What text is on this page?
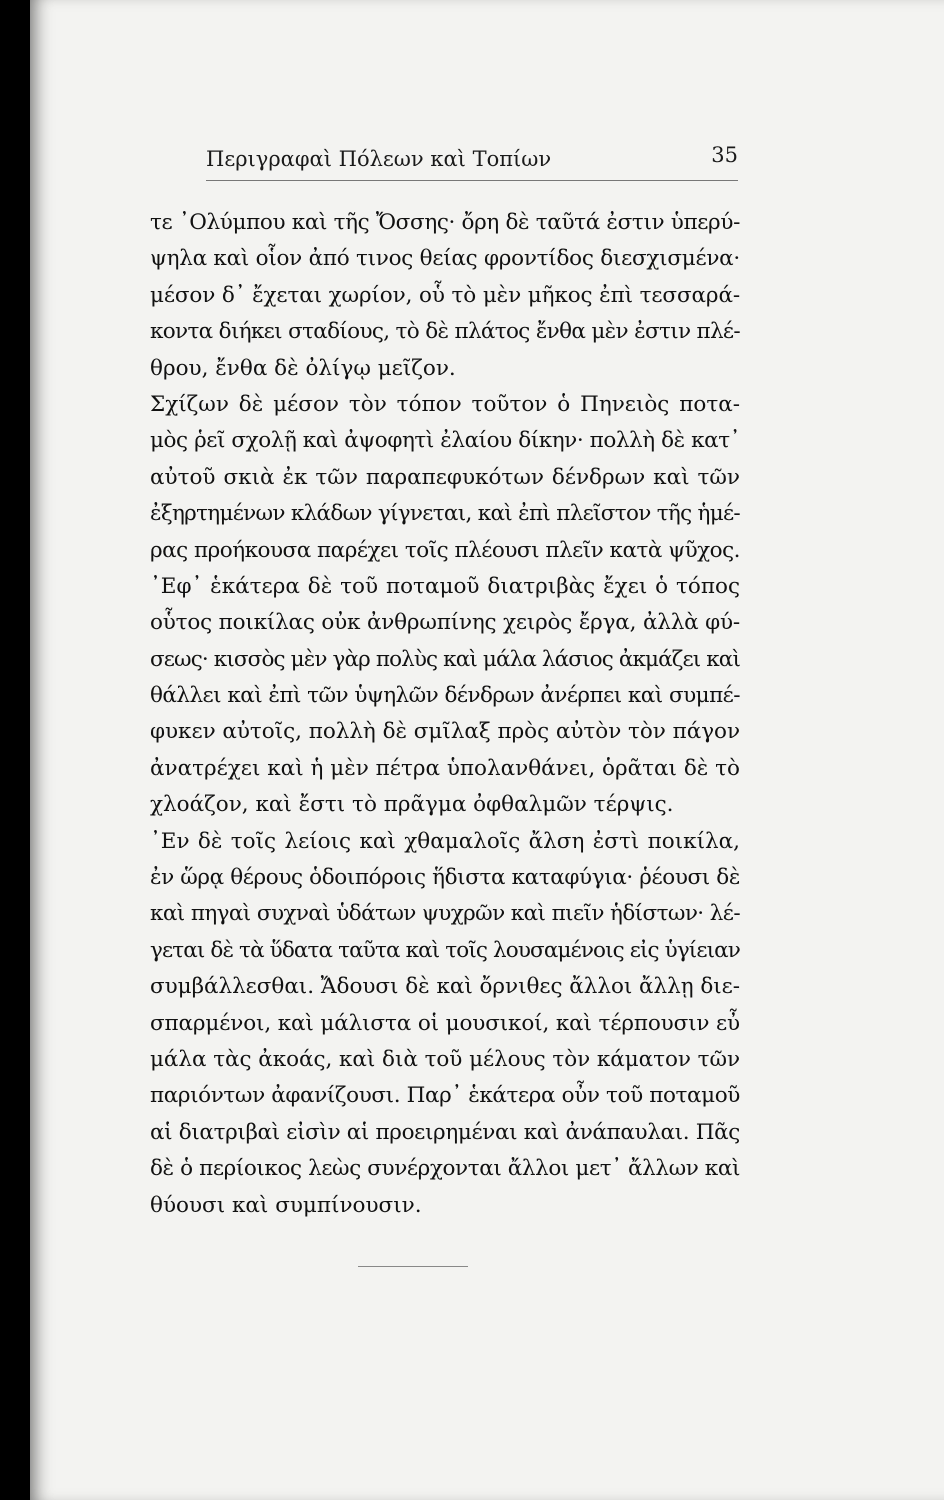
Περιγραφαὶ Πόλεων καὶ Τοπίων	35
τε ᾿Ολύμπου καὶ τῆς Ὄσσης· ὄρη δὲ ταῦτά ἐστιν ὑπερύ-
ψηλα καὶ οἷον ἀπό τινος θείας φροντίδος διεσχισμένα·
μέσον δ᾿ ἔχεται χωρίον, οὗ τὸ μὲν μῆκος ἐπὶ τεσσαρά-
κοντα διήκει σταδίους, τὸ δὲ πλάτος ἔνθα μὲν ἐστιν πλέ-
θρου, ἔνθα δὲ ὀλίγῳ μεῖζον.
Σχίζων δὲ μέσον τὸν τόπον τοῦτον ὁ Πηνειὸς ποτα-
μὸς ῥεῖ σχολῇ καὶ ἀψοφητὶ ἐλαίου δίκην· πολλὴ δὲ κατ᾿
αὐτοῦ σκιὰ ἐκ τῶν παραπεφυκότων δένδρων καὶ τῶν
ἐξηρτημένων κλάδων γίγνεται, καὶ ἐπὶ πλεῖστον τῆς ἡμέ-
ρας προήκουσα παρέχει τοῖς πλέουσι πλεῖν κατὰ ψῦχος.
᾿Εφ᾿ ἑκάτερα δὲ τοῦ ποταμοῦ διατριβὰς ἔχει ὁ τόπος
οὗτος ποικίλας οὐκ ἀνθρωπίνης χειρὸς ἔργα, ἀλλὰ φύ-
σεως· κισσὸς μὲν γὰρ πολὺς καὶ μάλα λάσιος ἀκμάζει καὶ
θάλλει καὶ ἐπὶ τῶν ὑψηλῶν δένδρων ἀνέρπει καὶ συμπέ-
φυκεν αὐτοῖς, πολλὴ δὲ σμῖλαξ πρὸς αὐτὸν τὸν πάγον
ἀνατρέχει καὶ ἡ μὲν πέτρα ὑπολανθάνει, ὁρᾶται δὲ τὸ
χλοάζον, καὶ ἔστι τὸ πρᾶγμα ὀφθαλμῶν τέρψις.
᾿Εν δὲ τοῖς λείοις καὶ χθαμαλοῖς ἄλση ἐστὶ ποικίλα,
ἐν ὥρᾳ θέρους ὁδοιπόροις ἥδιστα καταφύγια· ῥέουσι δὲ
καὶ πηγαὶ συχναὶ ὑδάτων ψυχρῶν καὶ πιεῖν ἡδίστων· λέ-
γεται δὲ τὰ ὕδατα ταῦτα καὶ τοῖς λουσαμένοις εἰς ὑγίειαν
συμβάλλεσθαι. Ἄδουσι δὲ καὶ ὄρνιθες ἄλλοι ἄλλῃ διε-
σπαρμένοι, καὶ μάλιστα οἱ μουσικοί, καὶ τέρπουσιν εὖ
μάλα τὰς ἀκοάς, καὶ διὰ τοῦ μέλους τὸν κάματον τῶν
παριόντων ἀφανίζουσι. Παρ᾿ ἑκάτερα οὖν τοῦ ποταμοῦ
αἱ διατριβαὶ εἰσὶν αἱ προειρημέναι καὶ ἀνάπαυλαι. Πᾶς
δὲ ὁ περίοικος λεὼς συνέρχονται ἄλλοι μετ᾿ ἄλλων καὶ
θύουσι καὶ συμπίνουσιν.
